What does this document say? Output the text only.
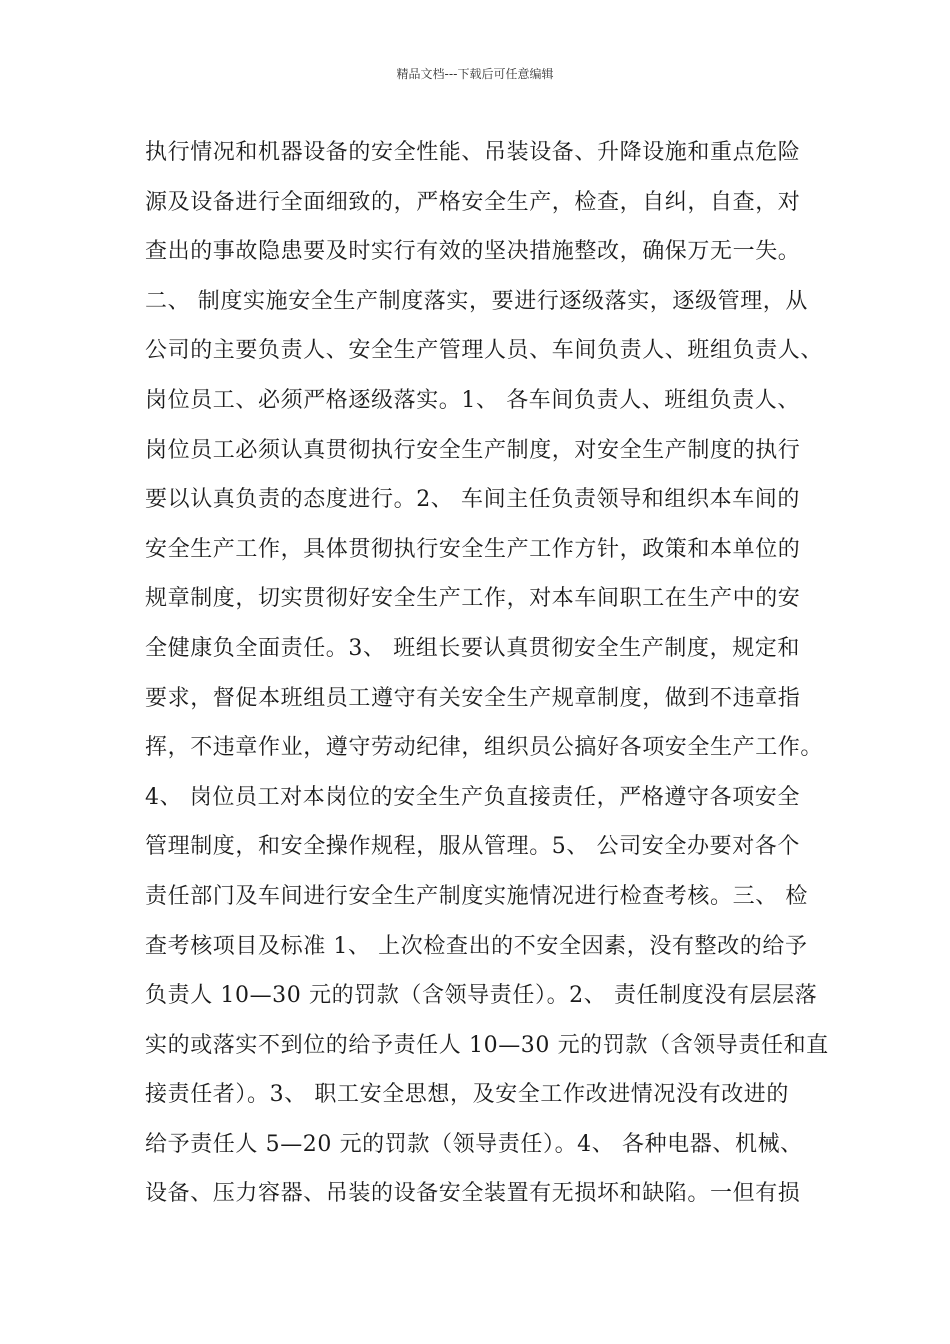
精品文档---下载后可任意编辑
执行情况和机器设备的安全性能、吊装设备、升降设施和重点危险
源及设备进行全面细致的，严格安全生产，检查，自纠，自查，对
查出的事故隐患要及时实行有效的坚决措施整改，确保万无一失。
二、 制度实施安全生产制度落实，要进行逐级落实，逐级管理，从
公司的主要负责人、安全生产管理人员、车间负责人、班组负责人、
岗位员工、必须严格逐级落实。1、 各车间负责人、班组负责人、
岗位员工必须认真贯彻执行安全生产制度，对安全生产制度的执行
要以认真负责的态度进行。2、 车间主任负责领导和组织本车间的
安全生产工作，具体贯彻执行安全生产工作方针，政策和本单位的
规章制度，切实贯彻好安全生产工作，对本车间职工在生产中的安
全健康负全面责任。3、 班组长要认真贯彻安全生产制度，规定和
要求，督促本班组员工遵守有关安全生产规章制度，做到不违章指
挥，不违章作业，遵守劳动纪律，组织员公搞好各项安全生产工作。
4、 岗位员工对本岗位的安全生产负直接责任，严格遵守各项安全
管理制度，和安全操作规程，服从管理。5、 公司安全办要对各个
责任部门及车间进行安全生产制度实施情况进行检查考核。三、 检
查考核项目及标准 1、 上次检查出的不安全因素，没有整改的给予
负责人 10—30 元的罚款（含领导责任）。2、 责任制度没有层层落
实的或落实不到位的给予责任人 10—30 元的罚款（含领导责任和直
接责任者）。3、 职工安全思想，及安全工作改进情况没有改进的
给予责任人 5—20 元的罚款（领导责任）。4、 各种电器、机械、
设备、压力容器、吊装的设备安全装置有无损坏和缺陷。一但有损
